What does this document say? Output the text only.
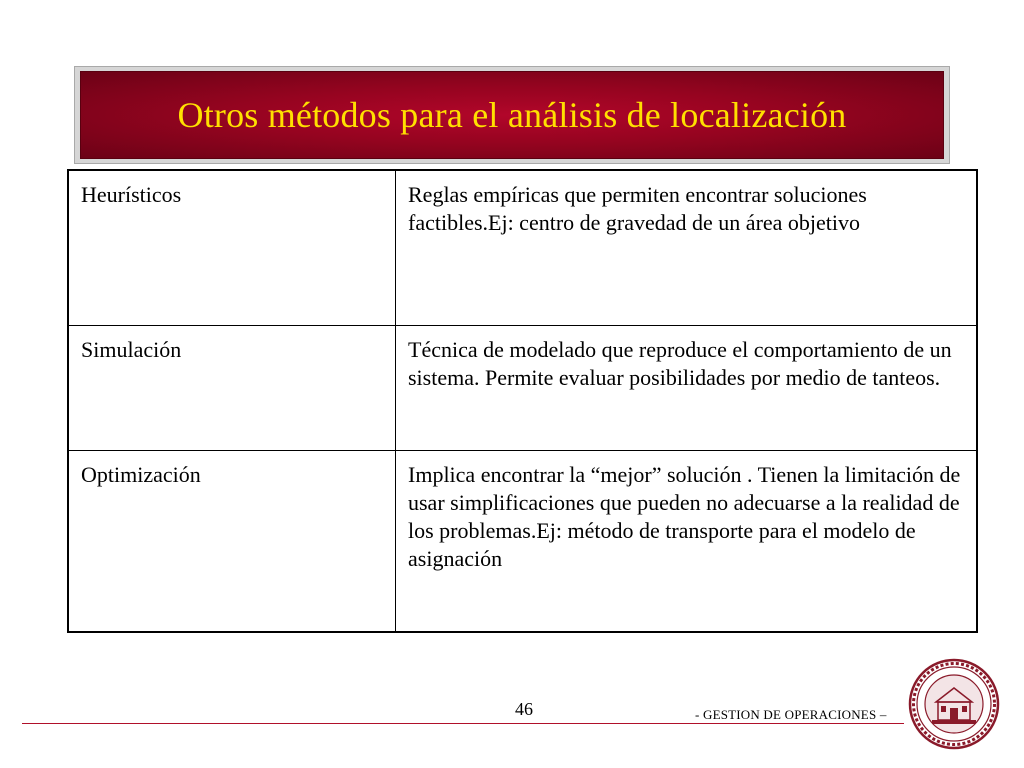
Otros métodos para el análisis de localización
Heurísticos	Reglas empíricas que permiten encontrar soluciones factibles.Ej: centro de gravedad de un área objetivo
Simulación	Técnica de modelado que reproduce el comportamiento de un sistema. Permite evaluar posibilidades por medio de tanteos.
Optimización	Implica encontrar la “mejor” solución . Tienen la limitación de usar simplificaciones que pueden no adecuarse a la realidad de los problemas.Ej: método de transporte para el modelo de asignación
46	- GESTION DE OPERACIONES –
